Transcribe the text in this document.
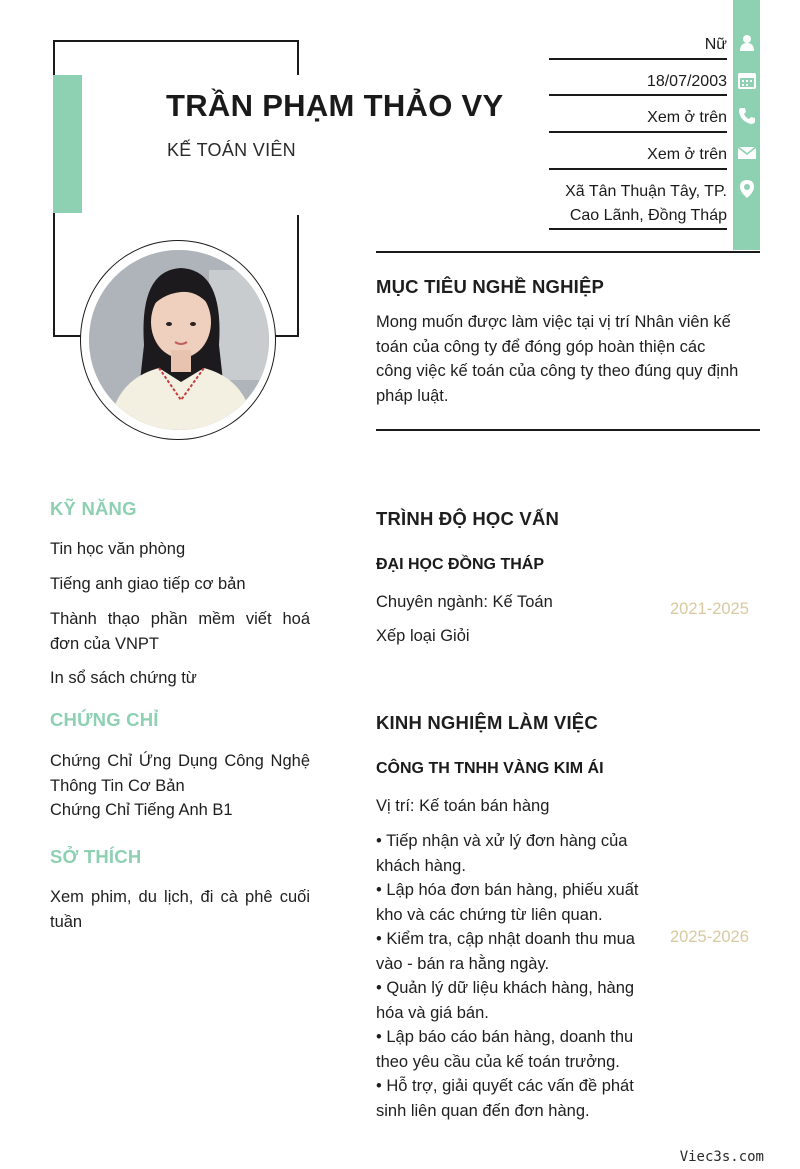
TRẦN PHẠM THẢO VY
KẾ TOÁN VIÊN
Nữ
18/07/2003
Xem ở trên
Xem ở trên
Xã Tân Thuận Tây, TP.
Cao Lãnh, Đồng Tháp
MỤC TIÊU NGHỀ NGHIỆP
Mong muốn được làm việc tại vị trí Nhân viên kế
toán của công ty để đóng góp hoàn thiện các
công việc kế toán của công ty theo đúng quy định
pháp luật.
KỸ NĂNG
Tin học văn phòng
Tiếng anh giao tiếp cơ bản
Thành thạo phần mềm viết hoá đơn của VNPT
In sổ sách chứng từ
CHỨNG CHỈ
Chứng Chỉ Ứng Dụng Công Nghệ Thông Tin Cơ Bản
Chứng Chỉ Tiếng Anh B1
SỞ THÍCH
Xem phim, du lịch, đi cà phê cuối tuần
TRÌNH ĐỘ HỌC VẤN
ĐẠI HỌC ĐỒNG THÁP
Chuyên ngành: Kế Toán
Xếp loại Giỏi
2021-2025
KINH NGHIỆM LÀM VIỆC
CÔNG TH TNHH VÀNG KIM ÁI
Vị trí: Kế toán bán hàng
• Tiếp nhận và xử lý đơn hàng của
khách hàng.
• Lập hóa đơn bán hàng, phiếu xuất
kho và các chứng từ liên quan.
• Kiểm tra, cập nhật doanh thu mua
vào - bán ra hằng ngày.
• Quản lý dữ liệu khách hàng, hàng
hóa và giá bán.
• Lập báo cáo bán hàng, doanh thu
theo yêu cầu của kế toán trưởng.
• Hỗ trợ, giải quyết các vấn đề phát
sinh liên quan đến đơn hàng.
2025-2026
Viec3s.com
